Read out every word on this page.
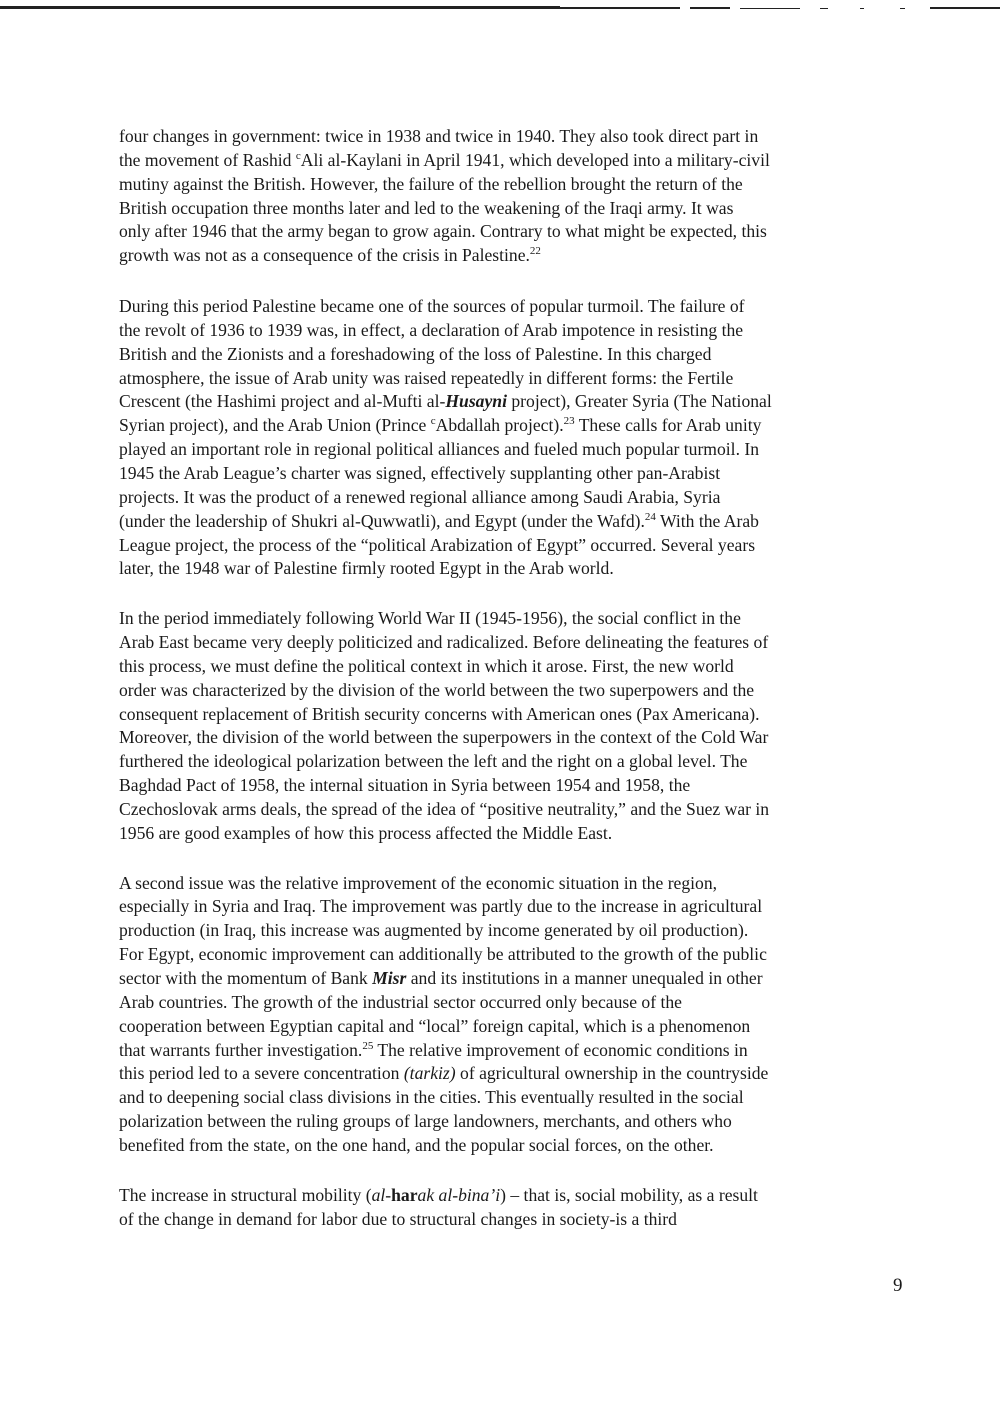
four changes in government: twice in 1938 and twice in 1940. They also took direct part in
the movement of Rashid $^c$Ali al-Kaylani in April 1941, which developed into a military-civil
mutiny against the British. However, the failure of the rebellion brought the return of the
British occupation three months later and led to the weakening of the Iraqi army. It was
only after 1946 that the army began to grow again. Contrary to what might be expected, this
growth was not as a consequence of the crisis in Palestine.$^{22}$

During this period Palestine became one of the sources of popular turmoil. The failure of
the revolt of 1936 to 1939 was, in effect, a declaration of Arab impotence in resisting the
British and the Zionists and a foreshadowing of the loss of Palestine. In this charged
atmosphere, the issue of Arab unity was raised repeatedly in different forms: the Fertile
Crescent (the Hashimi project and al-Mufti al-Husayni project), Greater Syria (The National
Syrian project), and the Arab Union (Prince $^c$Abdallah project).$^{23}$ These calls for Arab unity
played an important role in regional political alliances and fueled much popular turmoil. In
1945 the Arab League’s charter was signed, effectively supplanting other pan-Arabist
projects. It was the product of a renewed regional alliance among Saudi Arabia, Syria
(under the leadership of Shukri al-Quwwatli), and Egypt (under the Wafd).$^{24}$ With the Arab
League project, the process of the “political Arabization of Egypt” occurred. Several years
later, the 1948 war of Palestine firmly rooted Egypt in the Arab world.

In the period immediately following World War II (1945-1956), the social conflict in the
Arab East became very deeply politicized and radicalized. Before delineating the features of
this process, we must define the political context in which it arose. First, the new world
order was characterized by the division of the world between the two superpowers and the
consequent replacement of British security concerns with American ones (Pax Americana).
Moreover, the division of the world between the superpowers in the context of the Cold War
furthered the ideological polarization between the left and the right on a global level. The
Baghdad Pact of 1958, the internal situation in Syria between 1954 and 1958, the
Czechoslovak arms deals, the spread of the idea of “positive neutrality,” and the Suez war in
1956 are good examples of how this process affected the Middle East.

A second issue was the relative improvement of the economic situation in the region,
especially in Syria and Iraq. The improvement was partly due to the increase in agricultural
production (in Iraq, this increase was augmented by income generated by oil production).
For Egypt, economic improvement can additionally be attributed to the growth of the public
sector with the momentum of Bank Misr and its institutions in a manner unequaled in other
Arab countries. The growth of the industrial sector occurred only because of the
cooperation between Egyptian capital and “local” foreign capital, which is a phenomenon
that warrants further investigation.$^{25}$ The relative improvement of economic conditions in
this period led to a severe concentration (tarkiz) of agricultural ownership in the countryside
and to deepening social class divisions in the cities. This eventually resulted in the social
polarization between the ruling groups of large landowners, merchants, and others who
benefited from the state, on the one hand, and the popular social forces, on the other.

The increase in structural mobility (al-harak al-bina’i) – that is, social mobility, as a result
of the change in demand for labor due to structural changes in society-is a third

9
